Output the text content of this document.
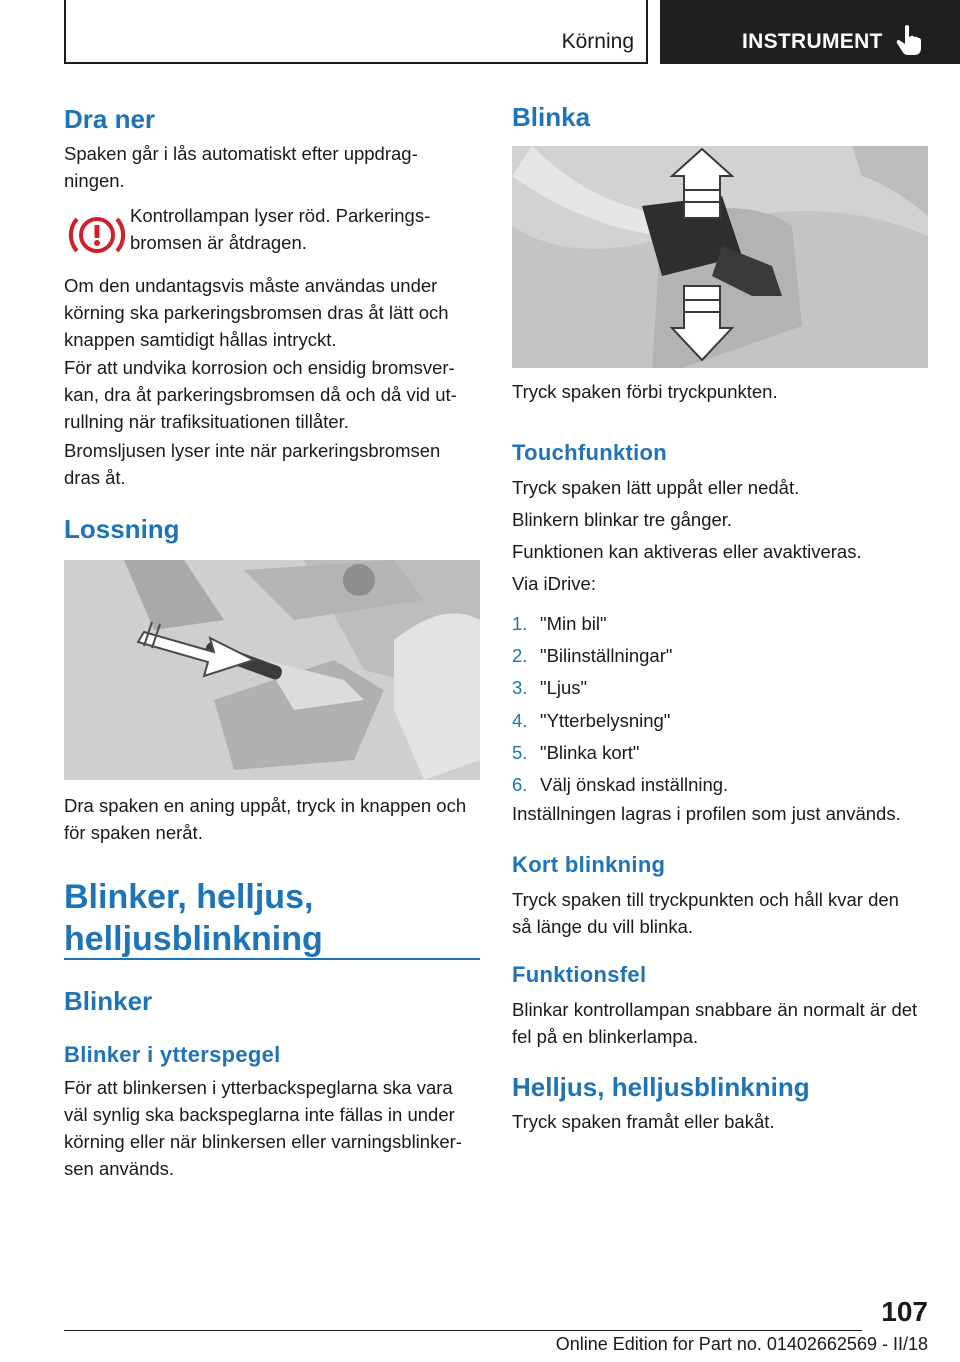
Körning	INSTRUMENT
Dra ner
Spaken går i lås automatiskt efter uppdrag-
ningen.
Kontrollampan lyser röd. Parkerings-
bromsen är åtdragen.
Om den undantagsvis måste användas under
körning ska parkeringsbromsen dras åt lätt och
knappen samtidigt hållas intryckt.
För att undvika korrosion och ensidig bromsver-
kan, dra åt parkeringsbromsen då och då vid ut-
rullning när trafiksituationen tillåter.
Bromsljusen lyser inte när parkeringsbromsen
dras åt.
Lossning
Dra spaken en aning uppåt, tryck in knappen och
för spaken neråt.
Blinker, helljus,
helljusblinkning
Blinker
Blinker i ytterspegel
För att blinkersen i ytterbackspeglarna ska vara
väl synlig ska backspeglarna inte fällas in under
körning eller när blinkersen eller varningsblinker-
sen används.
Blinka
Tryck spaken förbi tryckpunkten.
Touchfunktion
Tryck spaken lätt uppåt eller nedåt.
Blinkern blinkar tre gånger.
Funktionen kan aktiveras eller avaktiveras.
Via iDrive:
1. "Min bil"
2. "Bilinställningar"
3. "Ljus"
4. "Ytterbelysning"
5. "Blinka kort"
6. Välj önskad inställning.
Inställningen lagras i profilen som just används.
Kort blinkning
Tryck spaken till tryckpunkten och håll kvar den
så länge du vill blinka.
Funktionsfel
Blinkar kontrollampan snabbare än normalt är det
fel på en blinkerlampa.
Helljus, helljusblinkning
Tryck spaken framåt eller bakåt.
107
Online Edition for Part no. 01402662569 - II/18
